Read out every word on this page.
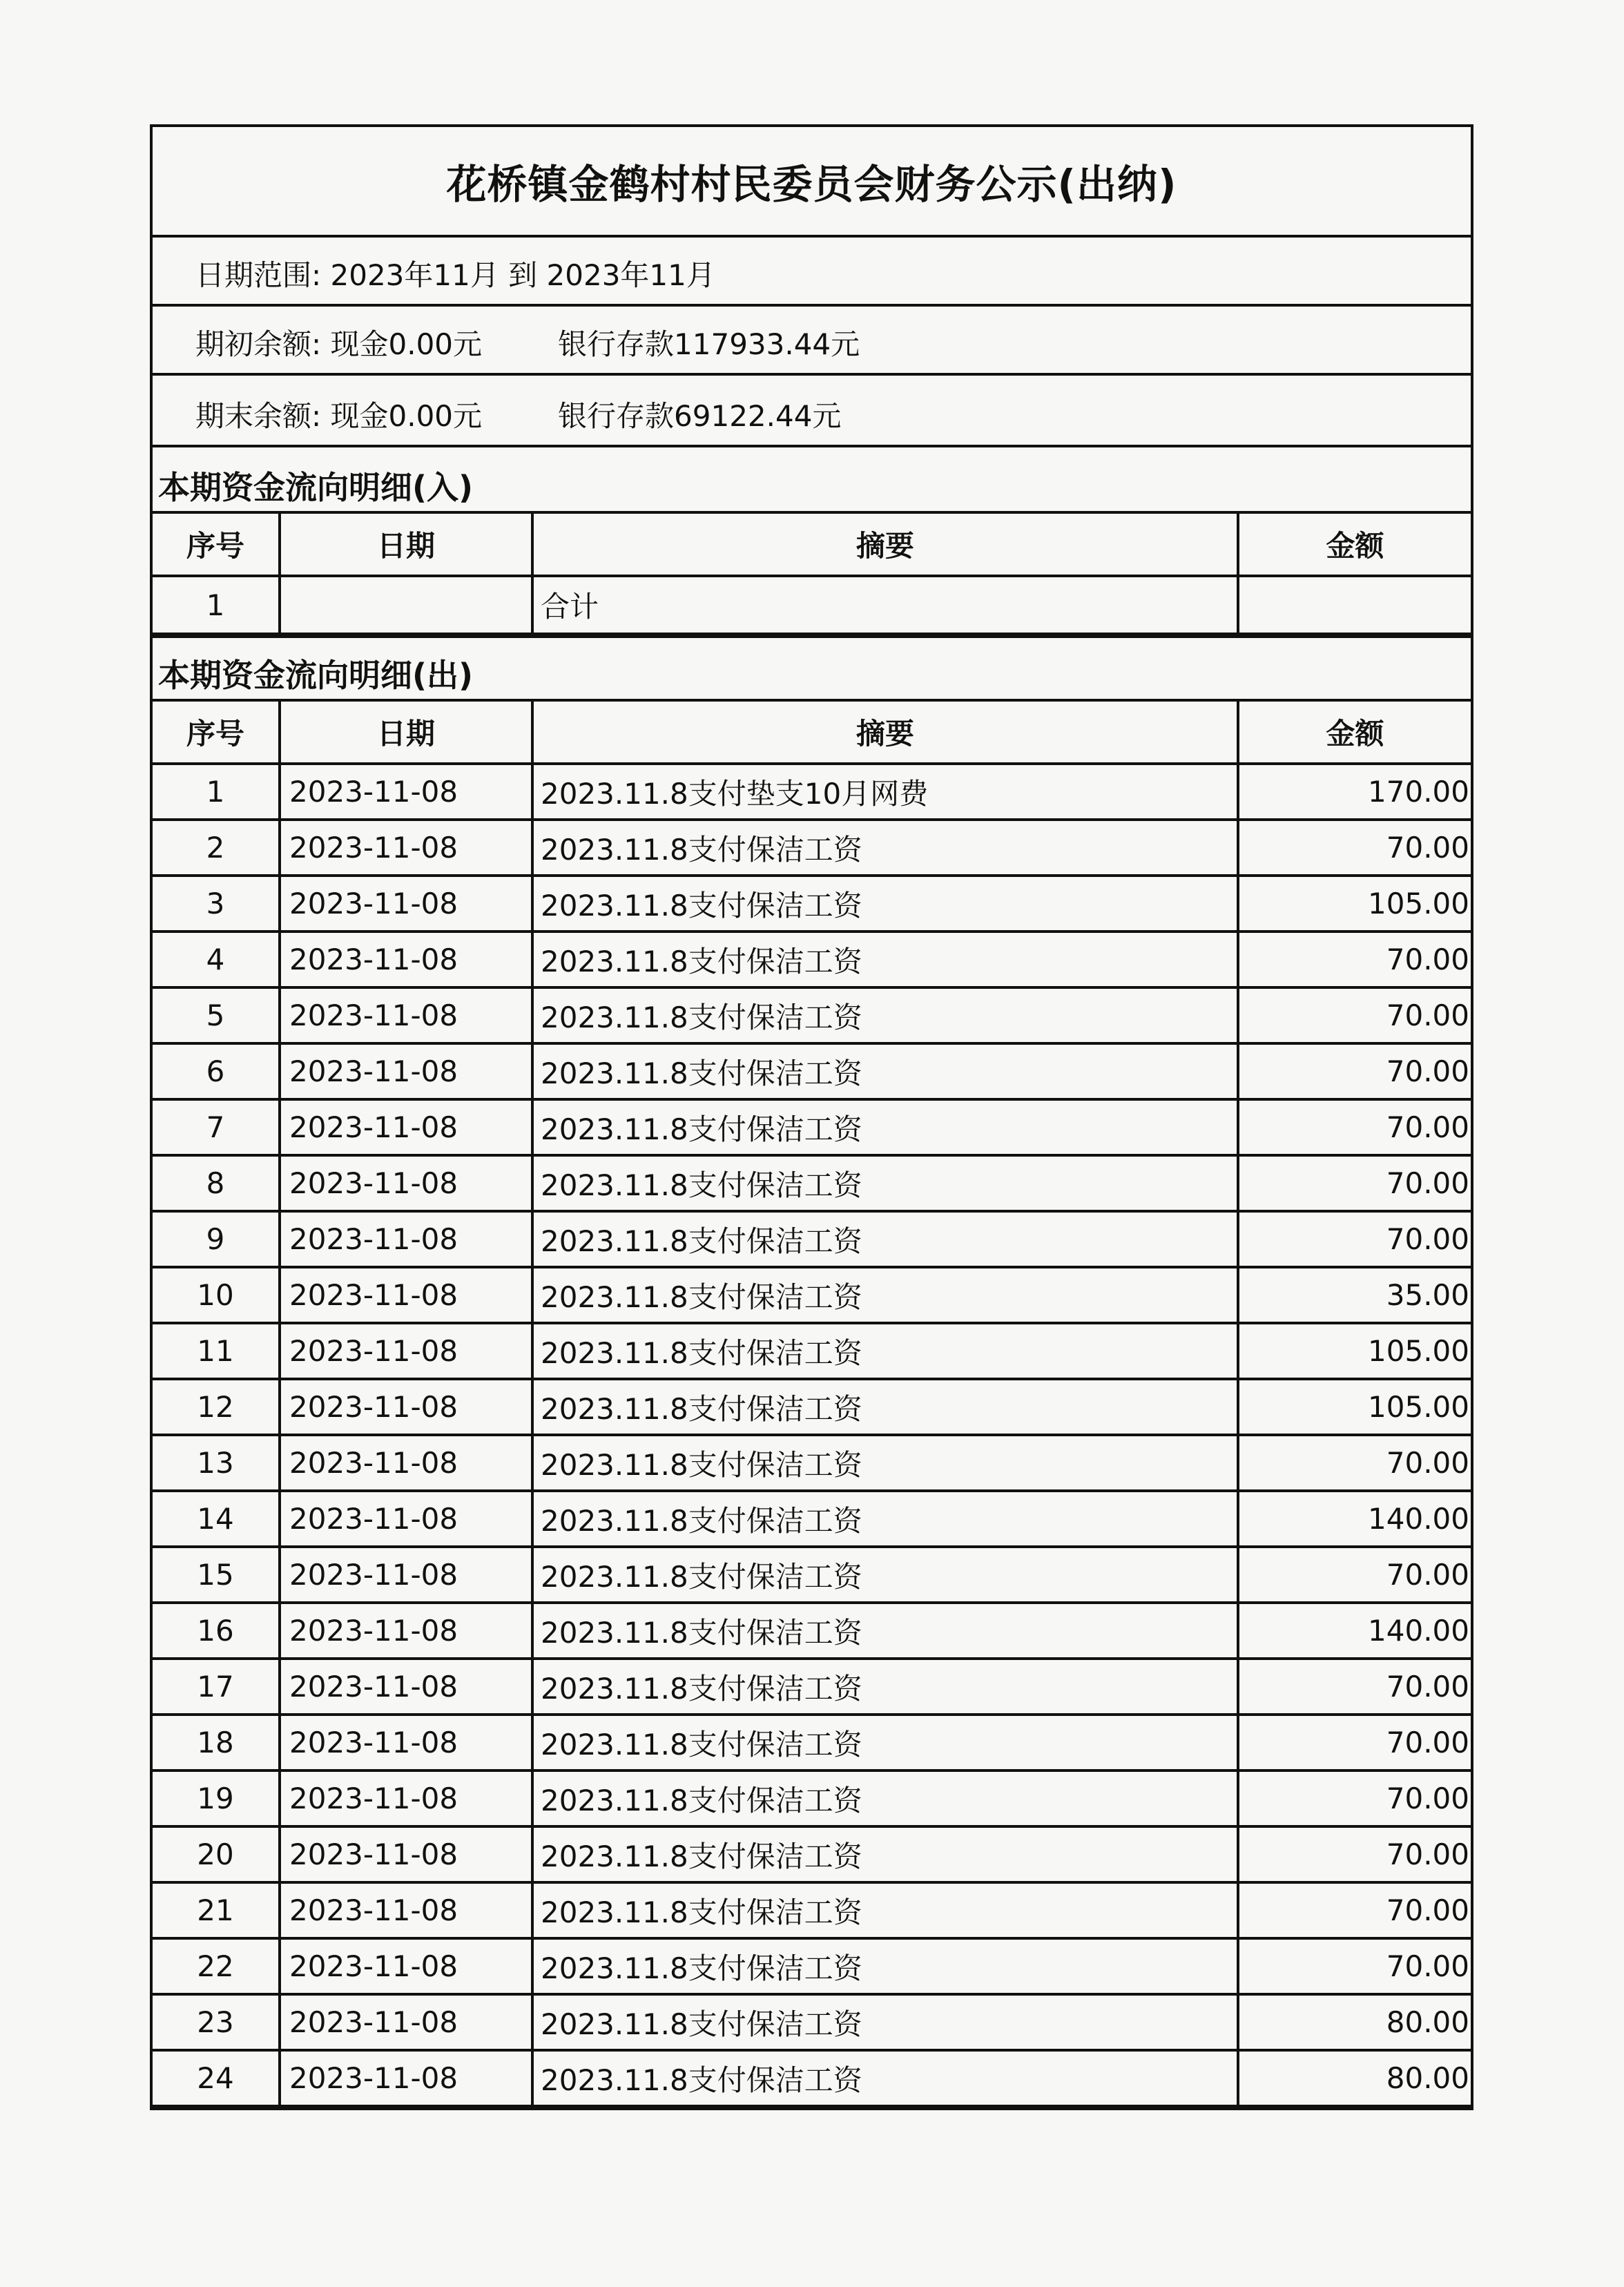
花桥镇金鹤村村民委员会财务公示(出纳)
日期范围: 2023年11月 到 2023年11月
期初余额: 现金0.00元	银行存款117933.44元
期末余额: 现金0.00元	银行存款69122.44元
本期资金流向明细(入)
序号	日期	摘要	金额
1		合计	
本期资金流向明细(出)
序号	日期	摘要	金额
1	2023-11-08	2023.11.8支付垫支10月网费	170.00
2	2023-11-08	2023.11.8支付保洁工资	70.00
3	2023-11-08	2023.11.8支付保洁工资	105.00
4	2023-11-08	2023.11.8支付保洁工资	70.00
5	2023-11-08	2023.11.8支付保洁工资	70.00
6	2023-11-08	2023.11.8支付保洁工资	70.00
7	2023-11-08	2023.11.8支付保洁工资	70.00
8	2023-11-08	2023.11.8支付保洁工资	70.00
9	2023-11-08	2023.11.8支付保洁工资	70.00
10	2023-11-08	2023.11.8支付保洁工资	35.00
11	2023-11-08	2023.11.8支付保洁工资	105.00
12	2023-11-08	2023.11.8支付保洁工资	105.00
13	2023-11-08	2023.11.8支付保洁工资	70.00
14	2023-11-08	2023.11.8支付保洁工资	140.00
15	2023-11-08	2023.11.8支付保洁工资	70.00
16	2023-11-08	2023.11.8支付保洁工资	140.00
17	2023-11-08	2023.11.8支付保洁工资	70.00
18	2023-11-08	2023.11.8支付保洁工资	70.00
19	2023-11-08	2023.11.8支付保洁工资	70.00
20	2023-11-08	2023.11.8支付保洁工资	70.00
21	2023-11-08	2023.11.8支付保洁工资	70.00
22	2023-11-08	2023.11.8支付保洁工资	70.00
23	2023-11-08	2023.11.8支付保洁工资	80.00
24	2023-11-08	2023.11.8支付保洁工资	80.00
